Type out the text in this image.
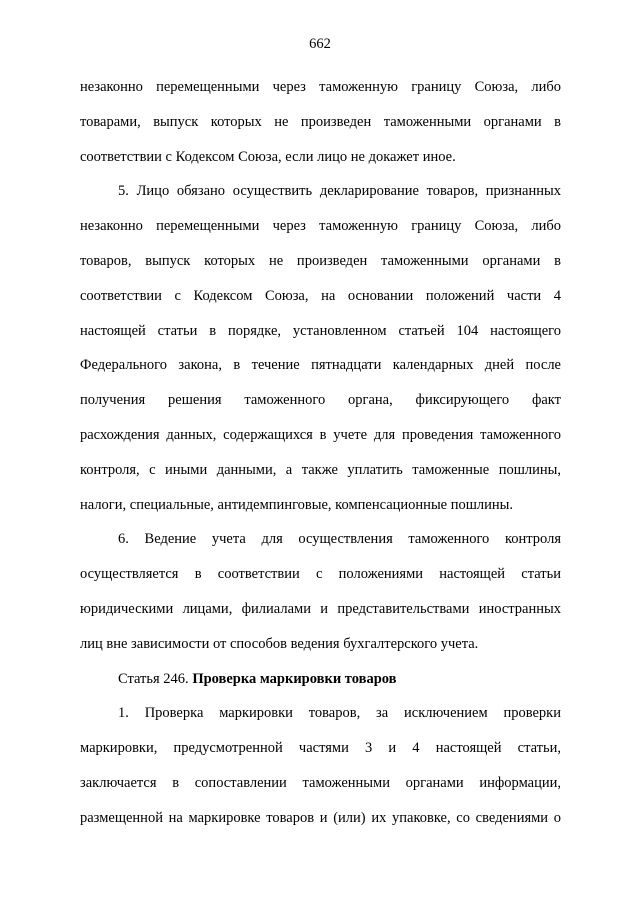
662

незаконно перемещенными через таможенную границу Союза, либо
товарами, выпуск которых не произведен таможенными органами в
соответствии с Кодексом Союза, если лицо не докажет иное.

5. Лицо обязано осуществить декларирование товаров, признанных
незаконно перемещенными через таможенную границу Союза, либо
товаров, выпуск которых не произведен таможенными органами в
соответствии с Кодексом Союза, на основании положений части 4
настоящей статьи в порядке, установленном статьей 104 настоящего
Федерального закона, в течение пятнадцати календарных дней после
получения решения таможенного органа, фиксирующего факт
расхождения данных, содержащихся в учете для проведения таможенного
контроля, с иными данными, а также уплатить таможенные пошлины,
налоги, специальные, антидемпинговые, компенсационные пошлины.

6. Ведение учета для осуществления таможенного контроля
осуществляется в соответствии с положениями настоящей статьи
юридическими лицами, филиалами и представительствами иностранных
лиц вне зависимости от способов ведения бухгалтерского учета.

Статья 246. Проверка маркировки товаров

1. Проверка маркировки товаров, за исключением проверки
маркировки, предусмотренной частями 3 и 4 настоящей статьи,
заключается в сопоставлении таможенными органами информации,
размещенной на маркировке товаров и (или) их упаковке, со сведениями о
